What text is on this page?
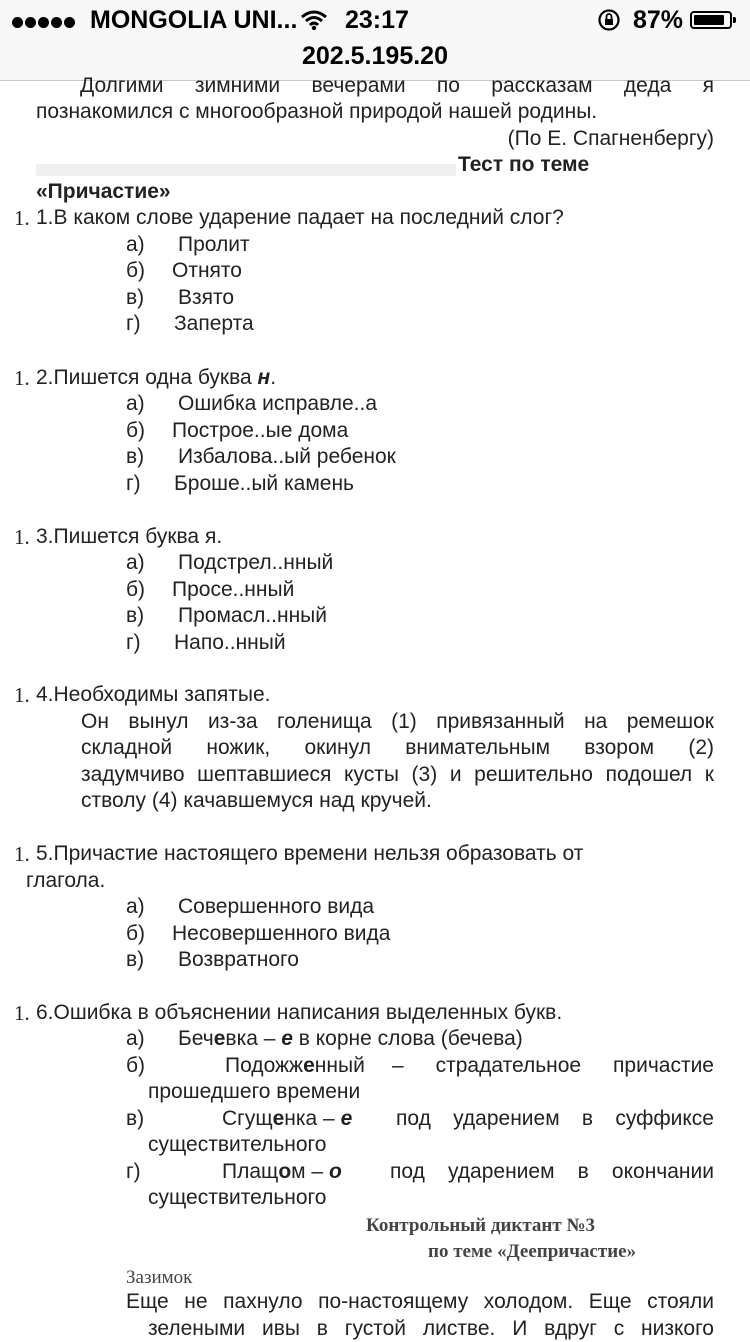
MONGOLIA UNI... 23:17	87%
202.5.195.20
Долгими зимними вечерами по рассказам деда я
познакомился с многообразной природой нашей родины.
(По Е. Спагненбергу)
Тест по теме
«Причастие»
1. 1.В каком слове ударение падает на последний слог?
а) Пролит
б) Отнято
в) Взято
г) Заперта
1. 2.Пишется одна буква н.
а) Ошибка исправле..а
б) Построе..ые дома
в) Избалова..ый ребенок
г) Броше..ый камень
1. 3.Пишется буква я.
а) Подстрел..нный
б) Просе..нный
в) Промасл..нный
г) Напо..нный
1. 4.Необходимы запятые.
Он вынул из-за голенища (1) привязанный на ремешок
складной ножик, окинул внимательным взором (2)
задумчиво шептавшиеся кусты (3) и решительно подошел к
стволу (4) качавшемуся над кручей.
1. 5.Причастие настоящего времени нельзя образовать от
глагола.
а) Совершенного вида
б) Несовершенного вида
в) Возвратного
1. 6.Ошибка в объяснении написания выделенных букв.
а) Бечевка – е в корне слова (бечева)
б)	Подожженный – страдательное причастие
прошедшего времени
в)	Сгущенка – е под ударением в суффиксе
существительного
г)	Плащом – о под ударением в окончании
существительного
Контрольный диктант №3
по теме «Деепричастие»
Зазимок
Еще не пахнуло по-настоящему холодом. Еще стояли
зелеными ивы в густой листве. И вдруг с низкого
